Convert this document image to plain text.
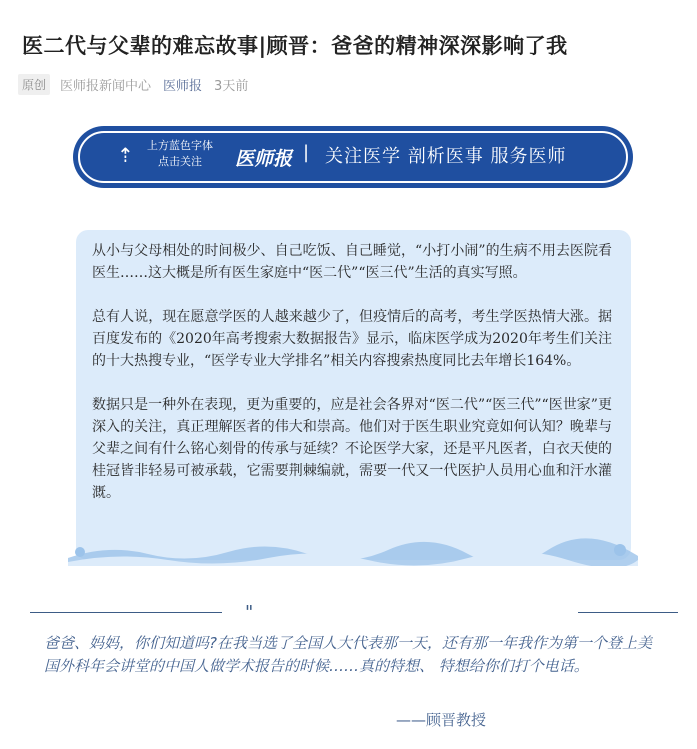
医二代与父辈的难忘故事|顾晋：爸爸的精神深深影响了我
原创	医师报新闻中心 医师报 3天前
⇡	上方蓝色字体
点击关注	医师报 | 关注医学 剖析医事 服务医师

从小与父母相处的时间极少、自己吃饭、自己睡觉，“小打小闹”的生病不用去医院看医生……这大概是所有医生家庭中“医二代”“医三代”生活的真实写照。

总有人说，现在愿意学医的人越来越少了，但疫情后的高考，考生学医热情大涨。据百度发布的《2020年高考搜索大数据报告》显示，临床医学成为2020年考生们关注的十大热搜专业，“医学专业大学排名”相关内容搜索热度同比去年增长164%。

数据只是一种外在表现，更为重要的，应是社会各界对“医二代”“医三代”“医世家”更深入的关注，真正理解医者的伟大和崇高。他们对于医生职业究竟如何认知？晚辈与父辈之间有什么铭心刻骨的传承与延续？不论医学大家，还是平凡医者，白衣天使的桂冠皆非轻易可被承载，它需要荆棘编就，需要一代又一代医护人员用心血和汗水灌溉。

"
爸爸、妈妈，你们知道吗?在我当选了全国人大代表那一天，还有那一年我作为第一个登上美国外科年会讲堂的中国人做学术报告的时候……真的特想、 特想给你们打个电话。
——顾晋教授
